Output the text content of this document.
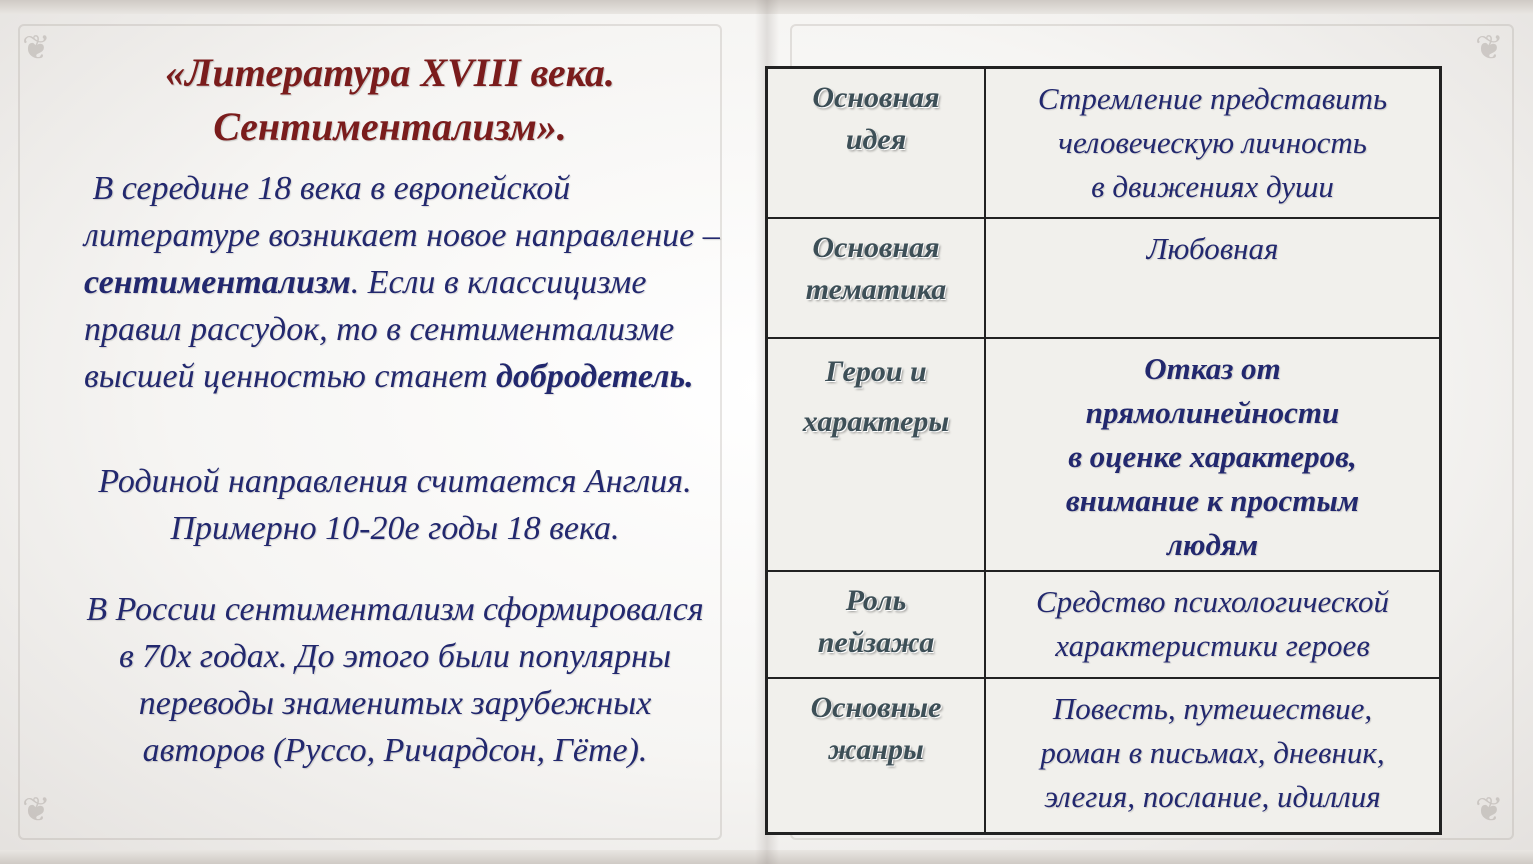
❦
❦
❦
❦
«Литература XVIII века.
Сентиментализм».
В середине 18 века в европейской литературе возникает новое направление – сентиментализм. Если в классицизме правил рассудок, то в сентиментализме высшей ценностью станет добродетель.
Родиной направления считается Англия.
Примерно 10-20е годы 18 века.
В России сентиментализм сформировался
в 70х годах. До этого были популярны
переводы знаменитых зарубежных
авторов (Руссо, Ричардсон, Гёте).
Основная
идея	Стремление представить
человеческую личность
в движениях души

Основная
тематика	Любовная

Герои и
характеры	Отказ от
прямолинейности
в оценке характеров,
внимание к простым
людям

Роль
пейзажа	Средство психологической
характеристики героев

Основные
жанры	Повесть, путешествие,
роман в письмах, дневник,
элегия, послание, идиллия
